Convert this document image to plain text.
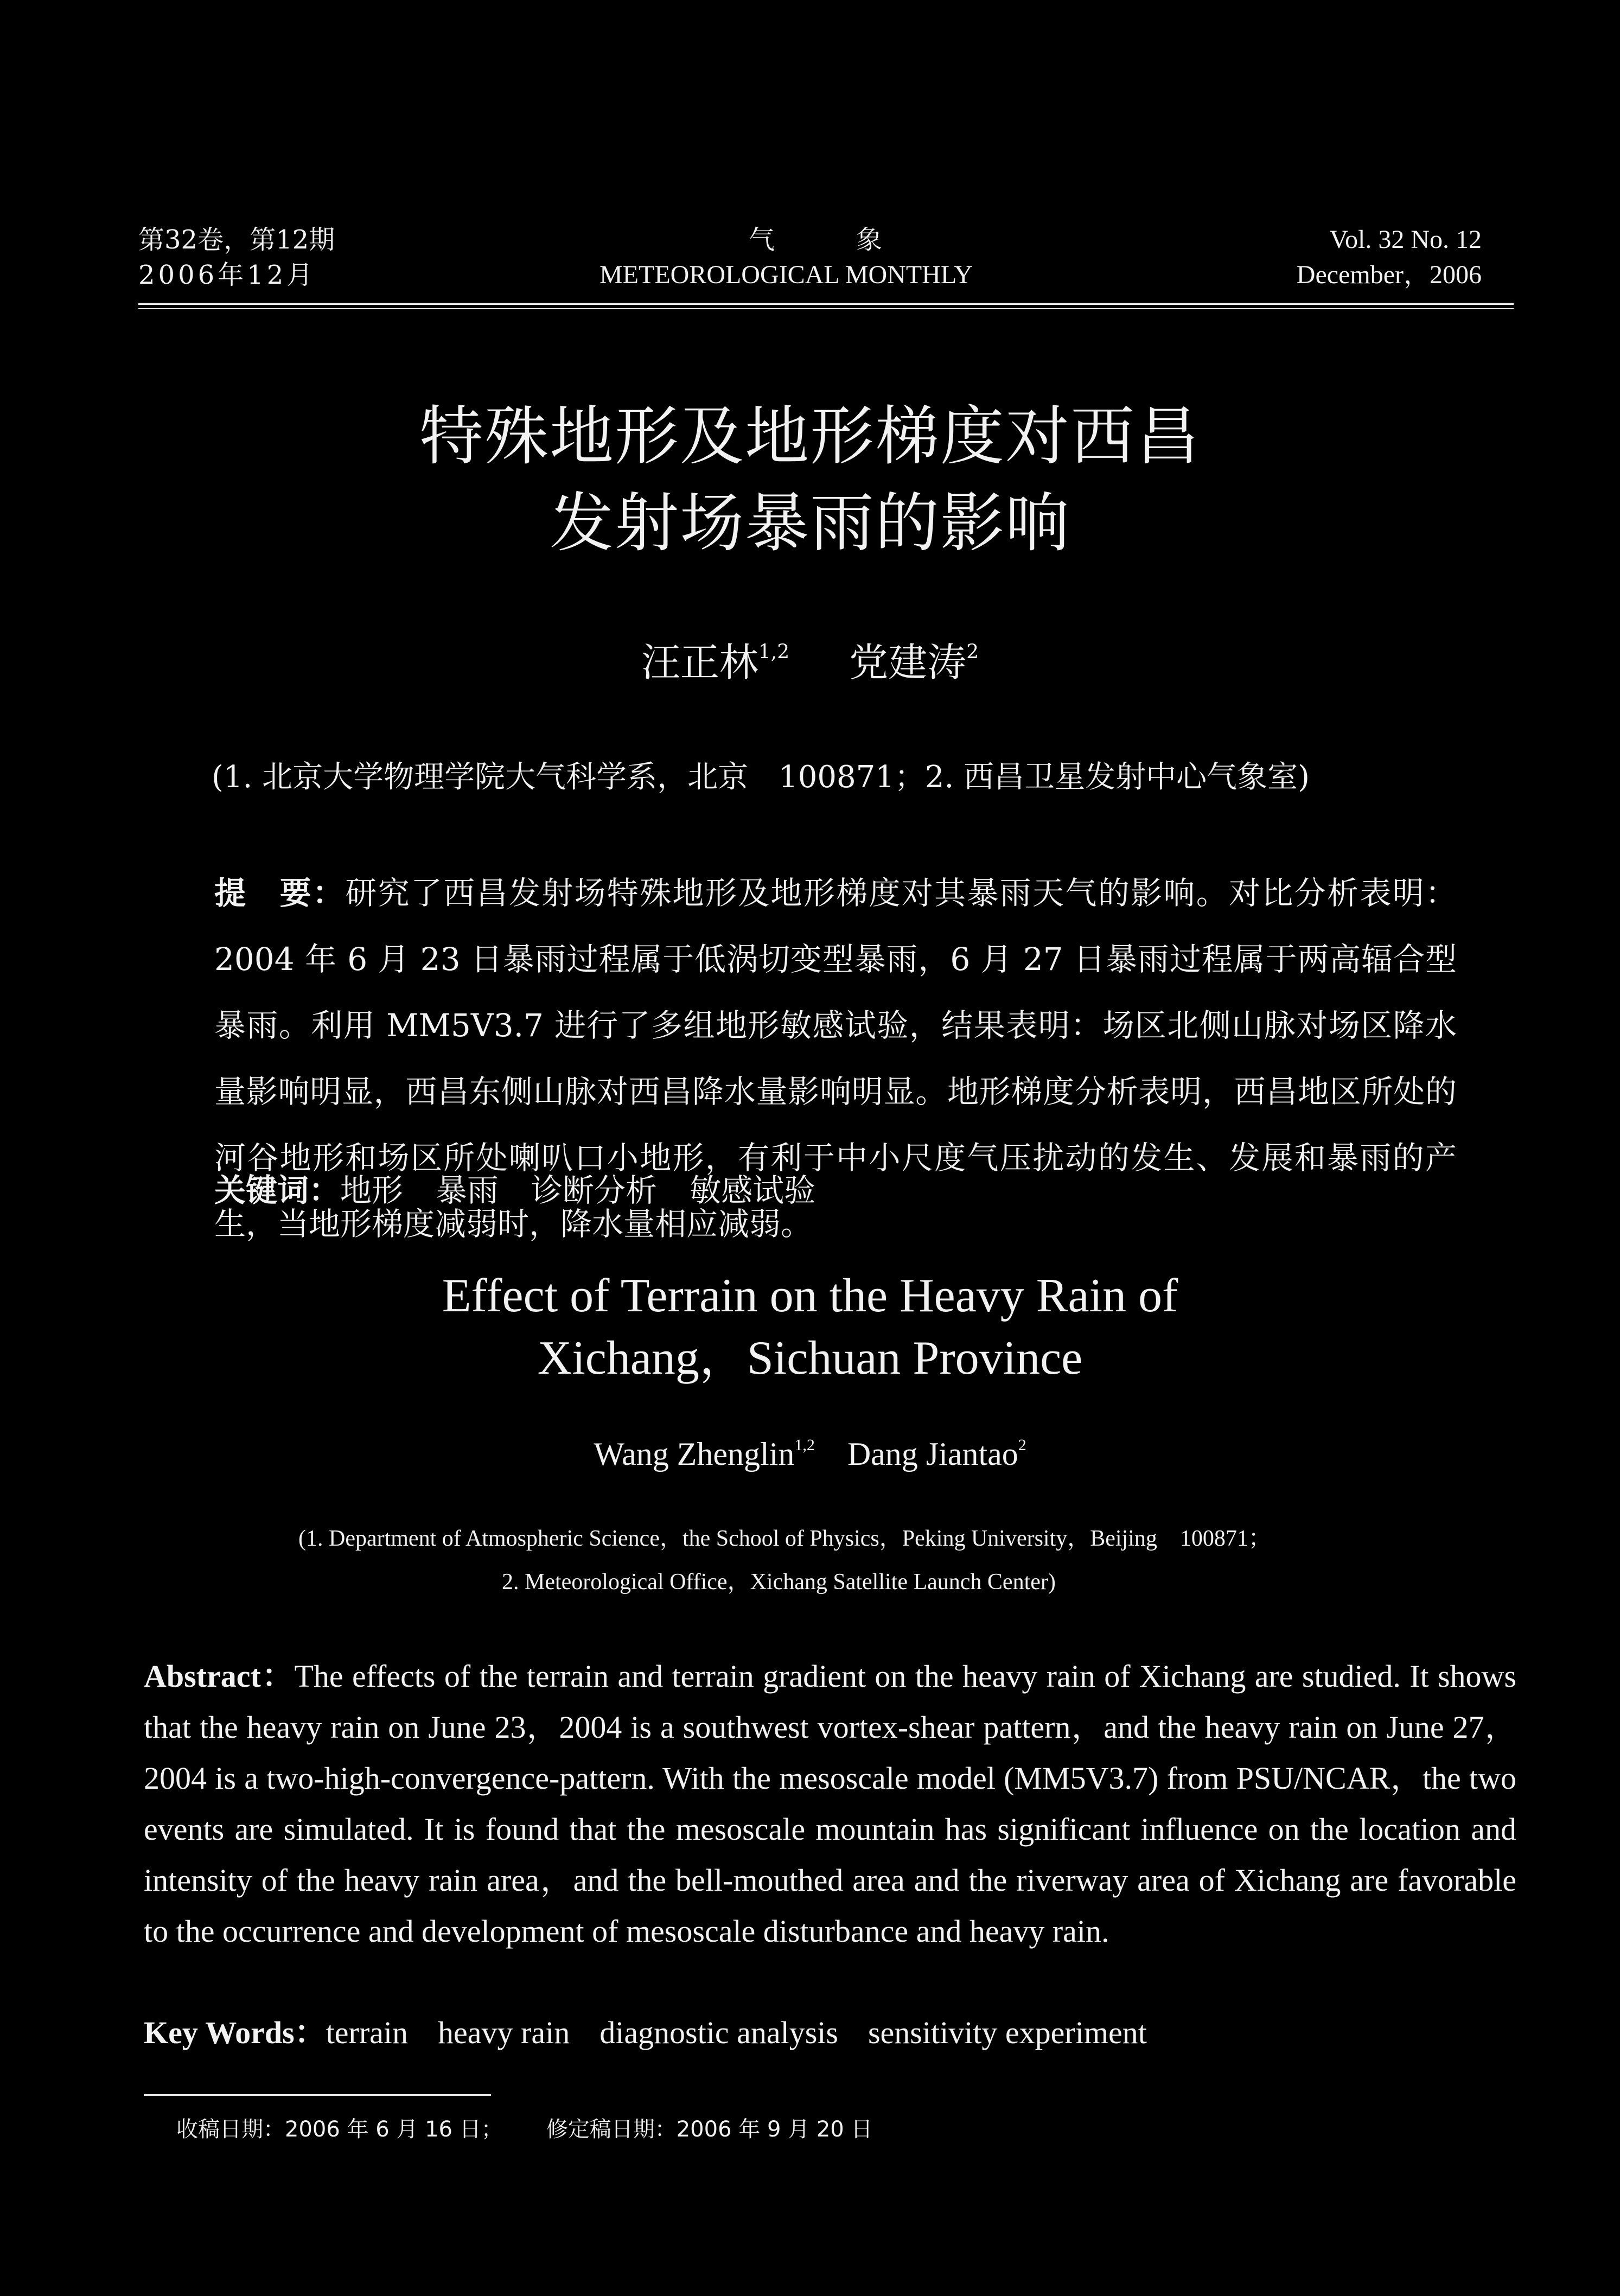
第32卷，第12期
2006年12月
气象
METEOROLOGICAL MONTHLY
Vol. 32 No. 12
December，2006
特殊地形及地形梯度对西昌
发射场暴雨的影响
汪正林$^{1,2}$ 党建涛$^2$
(1. 北京大学物理学院大气科学系，北京　100871；2. 西昌卫星发射中心气象室)
提　要：研究了西昌发射场特殊地形及地形梯度对其暴雨天气的影响。对比分析表明：2004 年 6 月 23 日暴雨过程属于低涡切变型暴雨，6 月 27 日暴雨过程属于两高辐合型暴雨。利用 MM5V3.7 进行了多组地形敏感试验，结果表明：场区北侧山脉对场区降水量影响明显，西昌东侧山脉对西昌降水量影响明显。地形梯度分析表明，西昌地区所处的河谷地形和场区所处喇叭口小地形，有利于中小尺度气压扰动的发生、发展和暴雨的产生，当地形梯度减弱时，降水量相应减弱。
关键词：地形 暴雨 诊断分析 敏感试验
Effect of Terrain on the Heavy Rain of
Xichang，Sichuan Province
Wang Zhenglin$^{1,2}$ Dang Jiantao$^2$
(1. Department of Atmospheric Science，the School of Physics，Peking University，Beijing　100871；
2. Meteorological Office，Xichang Satellite Launch Center)
Abstract：The effects of the terrain and terrain gradient on the heavy rain of Xichang are studied. It shows that the heavy rain on June 23，2004 is a southwest vortex-shear pattern，and the heavy rain on June 27，2004 is a two-high-convergence-pattern. With the mesoscale model (MM5V3.7) from PSU/NCAR，the two events are simulated. It is found that the mesoscale mountain has significant influence on the location and intensity of the heavy rain area，and the bell-mouthed area and the riverway area of Xichang are favorable to the occurrence and development of mesoscale disturbance and heavy rain.
Key Words：terrain heavy rain diagnostic analysis sensitivity experiment
收稿日期：2006 年 6 月 16 日； 修定稿日期：2006 年 9 月 20 日
